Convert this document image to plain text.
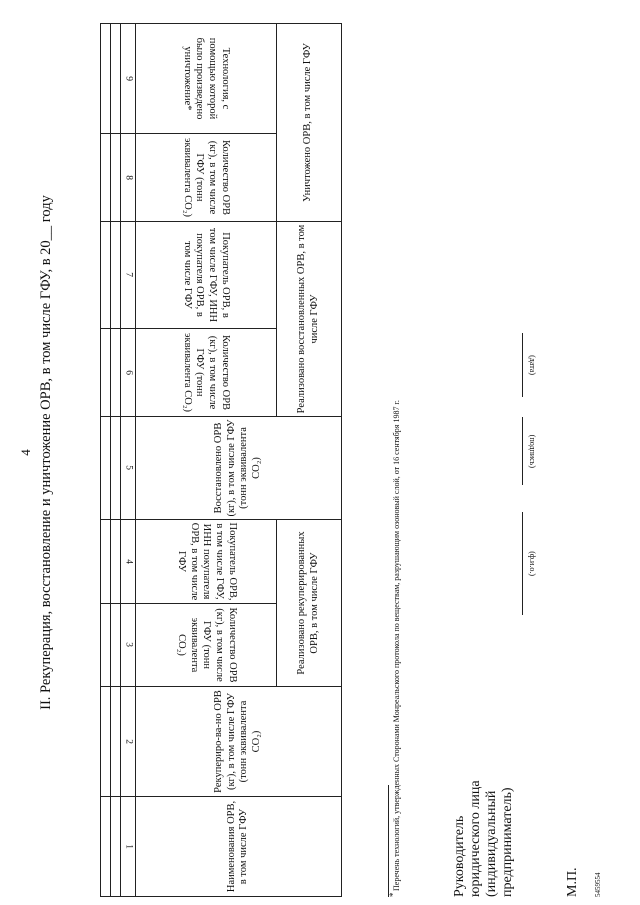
4 II. Рекуперация, восстановление и уничтожение ОРВ, в том числе ГФУ, в 20__ году

1	2	3	4	5	6	7	8	9
Наименования ОРВ, в том числе ГФУ	Рекупериро-ва-но ОРВ (кг), в том числе ГФУ (тонн эквивалента СО₂)	Количество ОРВ (кг), в том числе ГФУ (тонн эквивалента СО₂)	Покупатель ОРВ, в том числе ГФУ, ИНН покупателя ОРВ, в том числе ГФУ	Восстановлено ОРВ (кг), в том числе ГФУ (тонн эквивалента СО₂)	Количество ОРВ (кг), в том числе ГФУ (тонн эквивалента СО₂)	Покупатель ОРВ, в том числе ГФУ, ИНН покупателя ОРВ, в том числе ГФУ	Количество ОРВ (кг), в том числе ГФУ (тонн эквивалента СО₂)	Технология, с помощью которой было произведено уничтожение*
		Реализовано рекуперированных ОРВ, в том числе ГФУ			Реализовано восстановленных ОРВ, в том числе ГФУ		Уничтожено ОРВ, в том числе ГФУ	
*
Перечень технологий, утвержденных Сторонами Монреальского протокола по веществам, разрушающим озоновый слой, от 16 сентября 1987 г.	Руководитель юридического лица (индивидуальный предприниматель)
(ф.и.о.)
(подпись)
(дата)
М.П. 5459554
